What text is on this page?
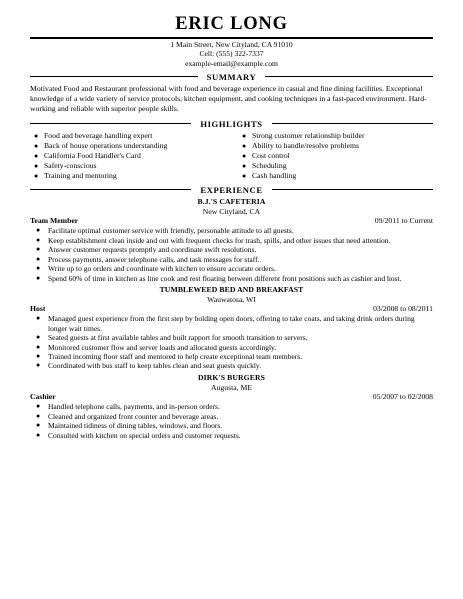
ERIC LONG
1 Main Street, New Cityland, CA 91010
Cell: (555) 322-7337
example-email@example.com
SUMMARY

Motivated Food and Restaurant professional with food and beverage experience in casual and fine dining facilities. Exceptional knowledge of a wide variety of service protocols, kitchen equipment, and cooking techniques in a fast-paced environment. Hard-working and reliable with superior people skills.

HIGHLIGHTS
● Food and beverage handling expert
● Back of house operations understanding
● California Food Handler's Card
● Safety-conscious
● Training and mentoring
● Strong customer relationship builder
● Ability to handle/resolve problems
● Cost control
● Scheduling
● Cash handling
EXPERIENCE
B.J.'S CAFETERIA
New Cityland, CA
Team Member	09/2011 to Current
●	Facilitate optimal customer service with friendly, personable attitude to all guests.
●	Keep establishment clean inside and out with frequent checks for trash, spills, and other issues that need attention.
●	Answer customer requests promptly and coordinate swift resolutions.
●	Process payments, answer telephone calls, and task messages for staff.
●	Write up to go orders and coordinate with kitchen to ensure accurate orders.
●	Spend 60% of time in kitchen as line cook and rest floating between different front positions such as cashier and host.
TUMBLEWEED BED AND BREAKFAST
Wauwatosa, WI
Host	03/2008 to 08/2011
●	Managed guest experience from the first step by holding open doors, offering to take coats, and taking drink orders during longer wait times.
●	Seated guests at first available tables and built rapport for smooth transition to servers.
●	Monitored customer flow and server loads and allocated guests accordingly.
●	Trained incoming floor staff and mentored to help create exceptional team members.
●	Coordinated with bus staff to keep tables clean and seat guests quickly.
DIRK'S BURGERS
Augusta, ME
Cashier	05/2007 to 02/2008
●	Handled telephone calls, payments, and in-person orders.
●	Cleaned and organized front counter and beverage areas.
●	Maintained tidiness of dining tables, windows, and floors.
●	Consulted with kitchen on special orders and customer requests.
